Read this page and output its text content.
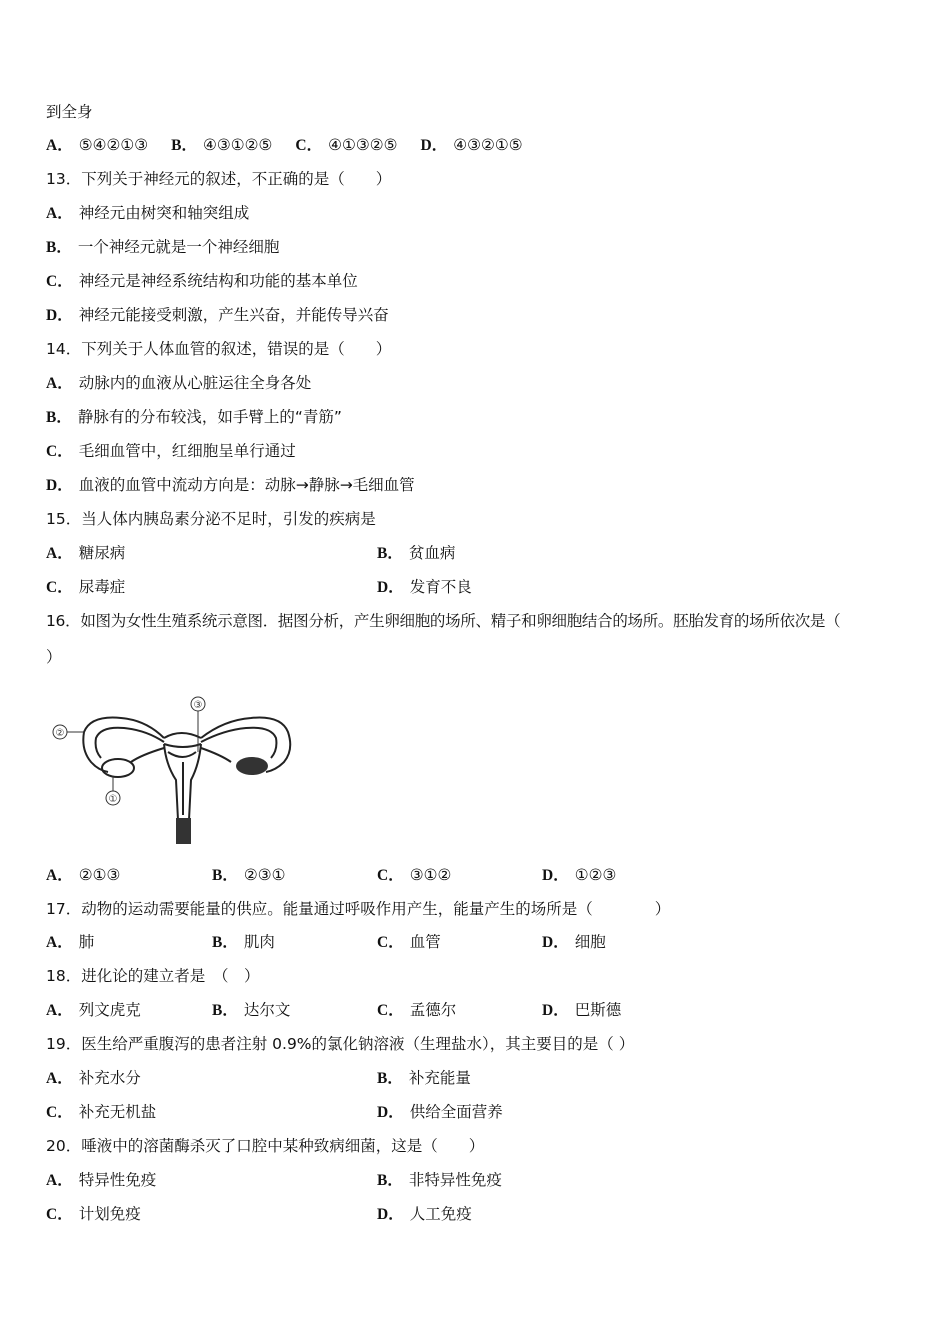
到全身
A． ⑤④②①③ B． ④③①②⑤ C． ④①③②⑤ D． ④③②①⑤
13．下列关于神经元的叙述，不正确的是（　　）
A． 神经元由树突和轴突组成
B． 一个神经元就是一个神经细胞
C． 神经元是神经系统结构和功能的基本单位
D． 神经元能接受刺激，产生兴奋，并能传导兴奋
14．下列关于人体血管的叙述，错误的是（　　）
A． 动脉内的血液从心脏运往全身各处
B． 静脉有的分布较浅，如手臂上的“青筋”
C． 毛细血管中，红细胞呈单行通过
D． 血液的血管中流动方向是：动脉→静脉→毛细血管
15．当人体内胰岛素分泌不足时，引发的疾病是
A． 糖尿病	B． 贫血病
C． 尿毒症	D． 发育不良
16．如图为女性生殖系统示意图．据图分析，产生卵细胞的场所、精子和卵细胞结合的场所。胚胎发育的场所依次是（
）
①
②
③
A． ②①③	B． ②③①	C． ③①②	D． ①②③
17．动物的运动需要能量的供应。能量通过呼吸作用产生，能量产生的场所是（　　　　）
A． 肺	B． 肌肉	C． 血管	D． 细胞
18．进化论的建立者是　（　）
A． 列文虎克	B． 达尔文	C． 孟德尔	D． 巴斯德
19．医生给严重腹泻的患者注射 0.9%的氯化钠溶液（生理盐水），其主要目的是（ ）
A． 补充水分	B． 补充能量
C． 补充无机盐	D． 供给全面营养
20．唾液中的溶菌酶杀灭了口腔中某种致病细菌，这是（　　）
A． 特异性免疫	B． 非特异性免疫
C． 计划免疫	D． 人工免疫
